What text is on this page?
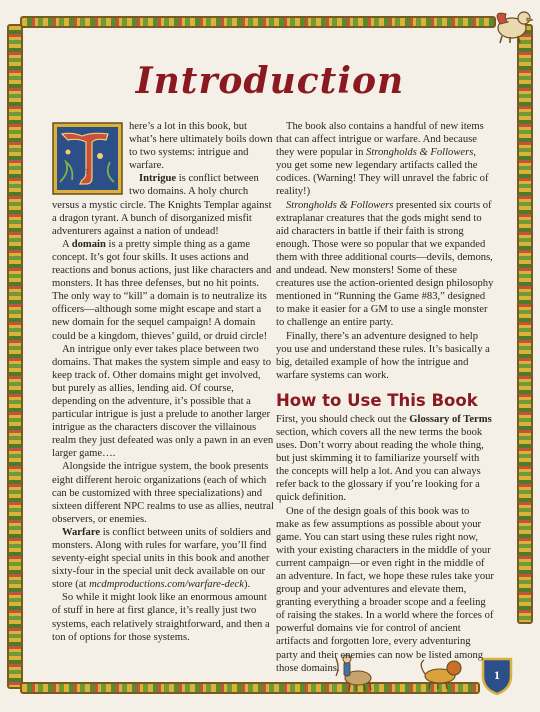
1
Introduction
T

here’s a lot in this book, but what’s here ultimately boils down to two systems: intrigue and warfare.

Intrigue is conflict between two domains. A holy church versus a mystic circle. The Knights Templar against a dragon tyrant. A bunch of disorganized misfit adventurers against a nation of undead!

A domain is a pretty simple thing as a game concept. It’s got four skills. It uses actions and reactions and bonus actions, just like characters and monsters. It has three defenses, but no hit points. The only way to “kill” a domain is to neutralize its officers—although some might escape and start a new domain for the sequel campaign! A domain could be a kingdom, thieves’ guild, or druid circle!

An intrigue only ever takes place between two domains. That makes the system simple and easy to keep track of. Other domains might get involved, but purely as allies, lending aid. Of course, depending on the adventure, it’s possible that a particular intrigue is just a prelude to another larger intrigue as the characters discover the villainous realm they just defeated was only a pawn in an even larger game….

Alongside the intrigue system, the book presents eight different heroic organizations (each of which can be customized with three specializations) and sixteen different NPC realms to use as allies, neutral observers, or enemies.

Warfare is conflict between units of soldiers and monsters. Along with rules for warfare, you’ll find seventy-eight special units in this book and another sixty-four in the special unit deck available on our store (at mcdmproductions.com/warfare-deck).

So while it might look like an enormous amount of stuff in here at first glance, it’s really just two systems, each relatively straightforward, and then a ton of options for those systems.

The book also contains a handful of new items that can affect intrigue or warfare. And because they were popular in Strongholds & Followers, you get some new legendary artifacts called the codices. (Warning! They will unravel the fabric of reality!)

Strongholds & Followers presented six courts of extraplanar creatures that the gods might send to aid characters in battle if their faith is strong enough. Those were so popular that we expanded them with three additional courts—devils, demons, and undead. New monsters! Some of these creatures use the action-oriented design philosophy mentioned in “Running the Game #83,” designed to make it easier for a GM to use a single monster to challenge an entire party.

Finally, there’s an adventure designed to help you use and understand these rules. It’s basically a big, detailed example of how the intrigue and warfare systems can work.

How to Use This Book

First, you should check out the Glossary of Terms section, which covers all the new terms the book uses. Don’t worry about reading the whole thing, but just skimming it to familiarize yourself with the concepts will help a lot. And you can always refer back to the glossary if you’re looking for a quick definition.

One of the design goals of this book was to make as few assumptions as possible about your game. You can start using these rules right now, with your existing characters in the middle of your current campaign—or even right in the middle of an adventure. In fact, we hope these rules take your group and your adventures and elevate them, granting everything a broader scope and a feeling of raising the stakes. In a world where the forces of powerful domains vie for control of ancient artifacts and forgotten lore, every adventuring party and their enemies can now be listed among those domains.
